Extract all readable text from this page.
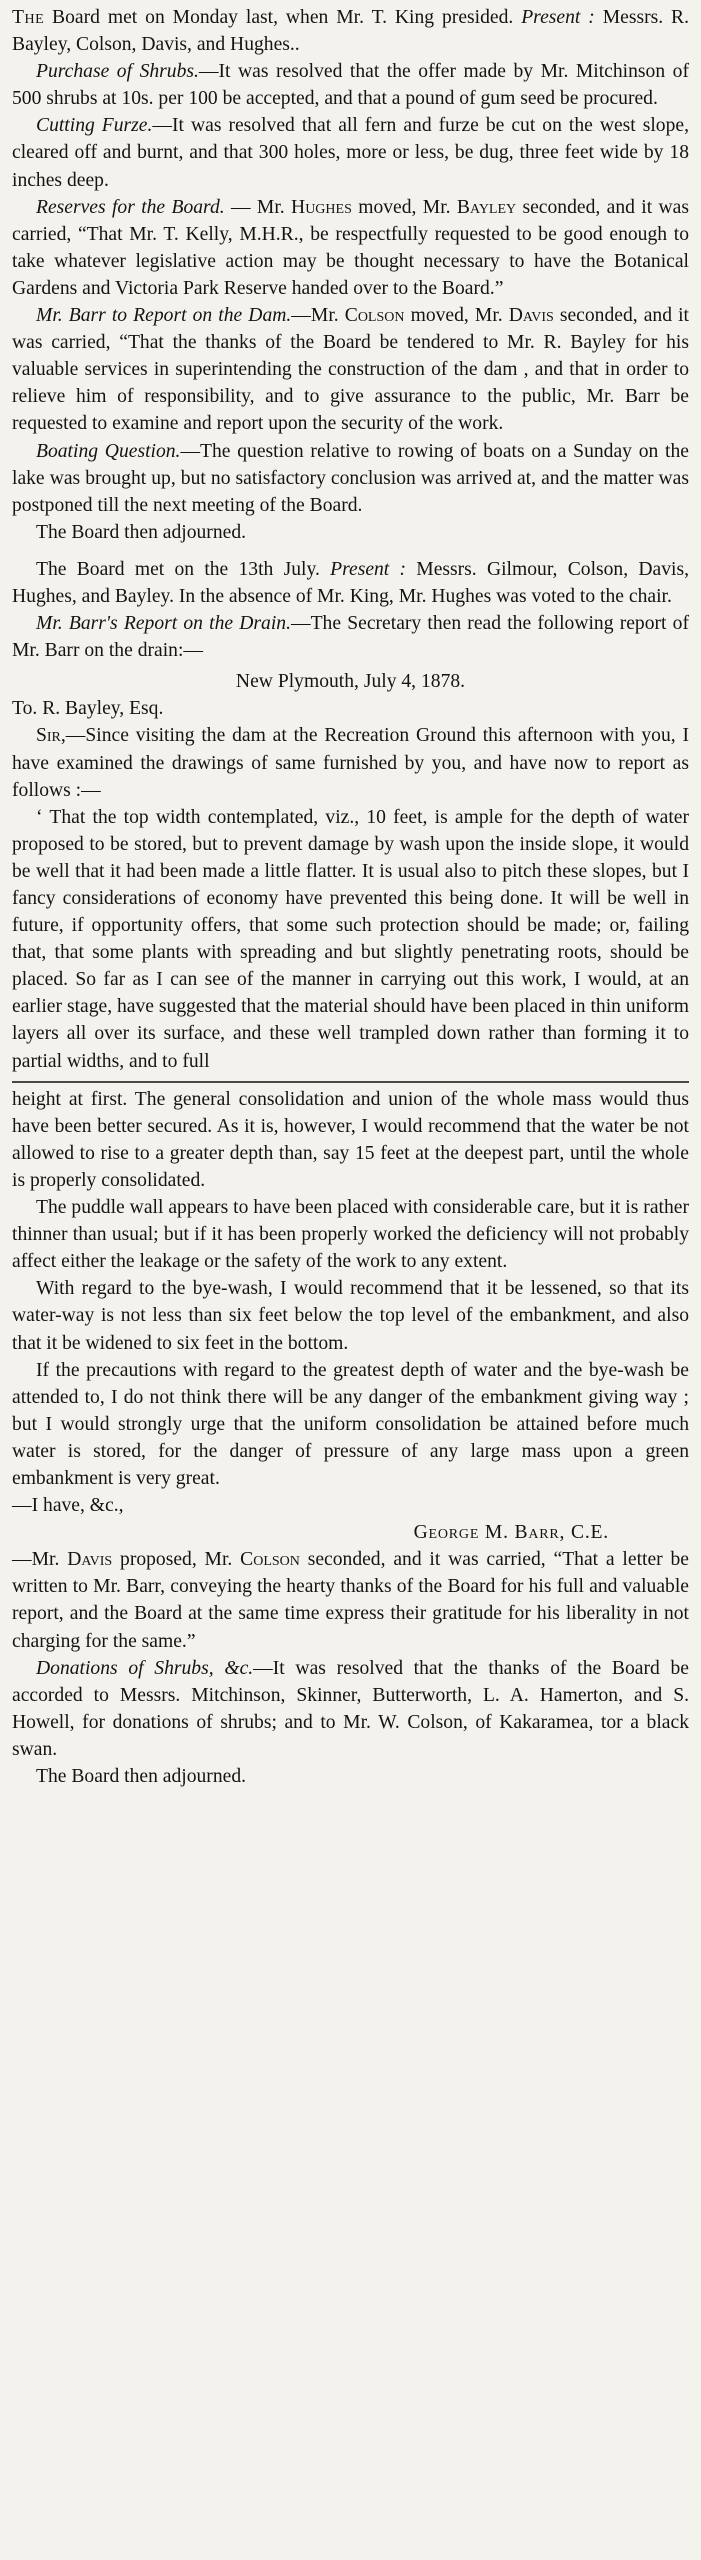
The Board met on Monday last, when Mr. T. King presided. Present : Messrs. R. Bayley, Colson, Davis, and Hughes..

Purchase of Shrubs.—It was resolved that the offer made by Mr. Mitchinson of 500 shrubs at 10s. per 100 be accepted, and that a pound of gum seed be procured.

Cutting Furze.—It was resolved that all fern and furze be cut on the west slope, cleared off and burnt, and that 300 holes, more or less, be dug, three feet wide by 18 inches deep.

Reserves for the Board. — Mr. Hughes moved, Mr. Bayley seconded, and it was carried, “That Mr. T. Kelly, M.H.R., be respectfully requested to be good enough to take whatever legislative action may be thought necessary to have the Botanical Gardens and Victoria Park Reserve handed over to the Board.”

Mr. Barr to Report on the Dam.—Mr. Colson moved, Mr. Davis seconded, and it was carried, “That the thanks of the Board be tendered to Mr. R. Bayley for his valuable services in superintending the construction of the dam , and that in order to relieve him of responsibility, and to give assurance to the public, Mr. Barr be requested to examine and report upon the security of the work.

Boating Question.—The question relative to rowing of boats on a Sunday on the lake was brought up, but no satisfactory conclusion was arrived at, and the matter was postponed till the next meeting of the Board.

The Board then adjourned.

The Board met on the 13th July. Present : Messrs. Gilmour, Colson, Davis, Hughes, and Bayley. In the absence of Mr. King, Mr. Hughes was voted to the chair.

Mr. Barr's Report on the Drain.—The Secretary then read the following report of Mr. Barr on the drain:—

New Plymouth, July 4, 1878.

To. R. Bayley, Esq.

Sir,—Since visiting the dam at the Recreation Ground this afternoon with you, I have examined the drawings of same furnished by you, and have now to report as follows :—

‘ That the top width contemplated, viz., 10 feet, is ample for the depth of water proposed to be stored, but to prevent damage by wash upon the inside slope, it would be well that it had been made a little flatter. It is usual also to pitch these slopes, but I fancy considerations of economy have prevented this being done. It will be well in future, if opportunity offers, that some such protection should be made; or, failing that, that some plants with spreading and but slightly penetrating roots, should be placed. So far as I can see of the manner in carrying out this work, I would, at an earlier stage, have suggested that the material should have been placed in thin uniform layers all over its surface, and these well trampled down rather than forming it to partial widths, and to full

height at first. The general consolidation and union of the whole mass would thus have been better secured. As it is, however, I would recommend that the water be not allowed to rise to a greater depth than, say 15 feet at the deepest part, until the whole is properly consolidated.

The puddle wall appears to have been placed with considerable care, but it is rather thinner than usual; but if it has been properly worked the deficiency will not probably affect either the leakage or the safety of the work to any extent.

With regard to the bye-wash, I would recommend that it be lessened, so that its water-way is not less than six feet below the top level of the embankment, and also that it be widened to six feet in the bottom.

If the precautions with regard to the greatest depth of water and the bye-wash be attended to, I do not think there will be any danger of the embankment giving way ; but I would strongly urge that the uniform consolidation be attained before much water is stored, for the danger of pressure of any large mass upon a green embankment is very great.

—I have, &c.,

George M. Barr, C.E.

—Mr. Davis proposed, Mr. Colson seconded, and it was carried, “That a letter be written to Mr. Barr, conveying the hearty thanks of the Board for his full and valuable report, and the Board at the same time express their gratitude for his liberality in not charging for the same.”

Donations of Shrubs, &c.—It was resolved that the thanks of the Board be accorded to Messrs. Mitchinson, Skinner, Butterworth, L. A. Hamerton, and S. Howell, for donations of shrubs; and to Mr. W. Colson, of Kakaramea, tor a black swan.

The Board then adjourned.
